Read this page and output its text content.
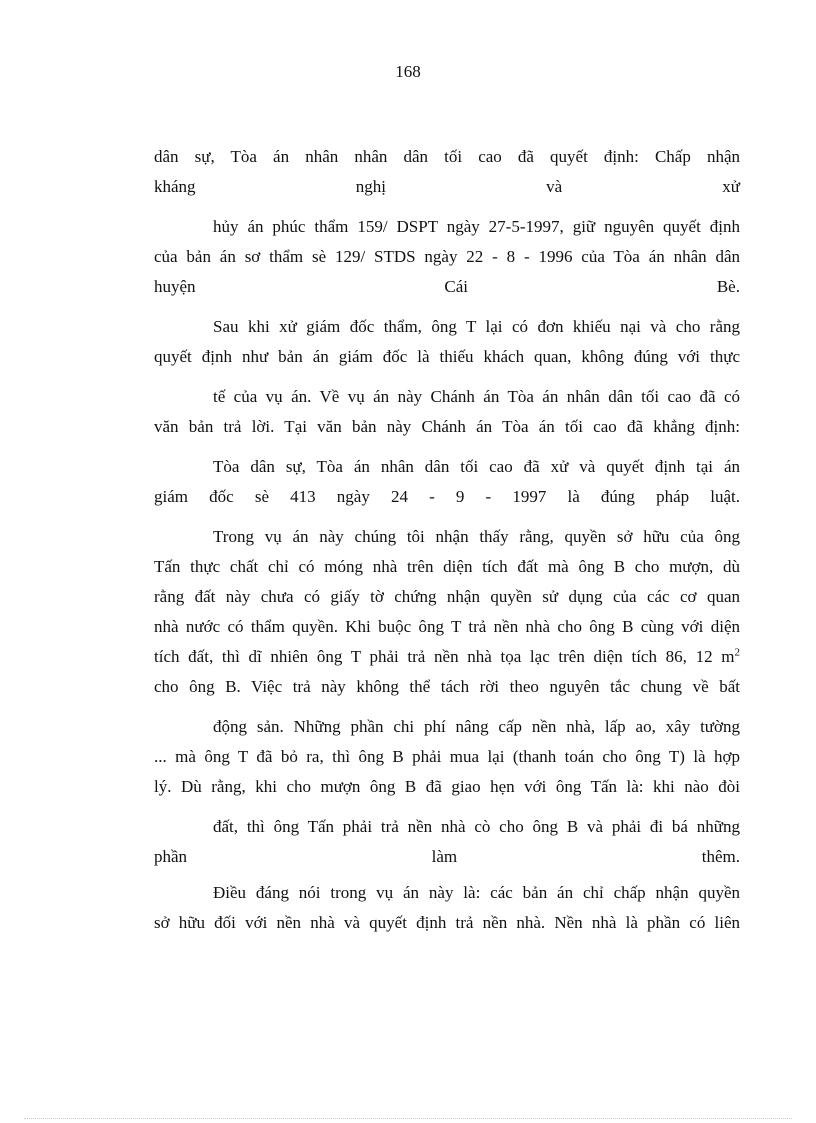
168
dân sự, Tòa án nhân nhân dân tối cao đã quyết định: Chấp nhận
kháng	nghị	và	xử
hủy án phúc thẩm 159/ DSPT ngày 27-5-1997, giữ nguyên quyết định
của bản án sơ thẩm sè 129/ STDS ngày 22 - 8 - 1996 của Tòa án nhân dân
huyện	Cái	Bè.
Sau khi xử giám đốc thẩm, ông T lại có đơn khiếu nại và cho rằng
quyết định như bản án giám đốc là thiếu khách quan, không đúng với thực
tế của vụ án. Về vụ án này Chánh án Tòa án nhân dân tối cao đã có
văn bản trả lời. Tại văn bản này Chánh án Tòa án tối cao đã khẳng định:
Tòa dân sự, Tòa án nhân dân tối cao đã xử và quyết định tại án
giám đốc sè 413 ngày 24 - 9 - 1997 là đúng pháp luật.
Trong vụ án này chúng tôi nhận thấy rằng, quyền sở hữu của ông
Tấn thực chất chỉ có móng nhà trên diện tích đất mà ông B cho mượn, dù
rằng đất này chưa có giấy tờ chứng nhận quyền sử dụng của các cơ quan
nhà nước có thẩm quyền. Khi buộc ông T trả nền nhà cho ông B cùng với diện
tích đất, thì dĩ nhiên ông T phải trả nền nhà tọa lạc trên diện tích 86, 12 $m^2$
cho ông B. Việc trả này không thể tách rời theo nguyên tắc chung về bất
động sản. Những phần chi phí nâng cấp nền nhà, lấp ao, xây tường
... mà ông T đã bỏ ra, thì ông B phải mua lại (thanh toán cho ông T) là hợp
lý. Dù rằng, khi cho mượn ông B đã giao hẹn với ông Tấn là: khi nào đòi
đất, thì ông Tấn phải trả nền nhà cò cho ông B và phải đi bá những
phần	làm	thêm.
Điều đáng nói trong vụ án này là: các bản án chỉ chấp nhận quyền
sở hữu đối với nền nhà và quyết định trả nền nhà. Nền nhà là phần có liên
